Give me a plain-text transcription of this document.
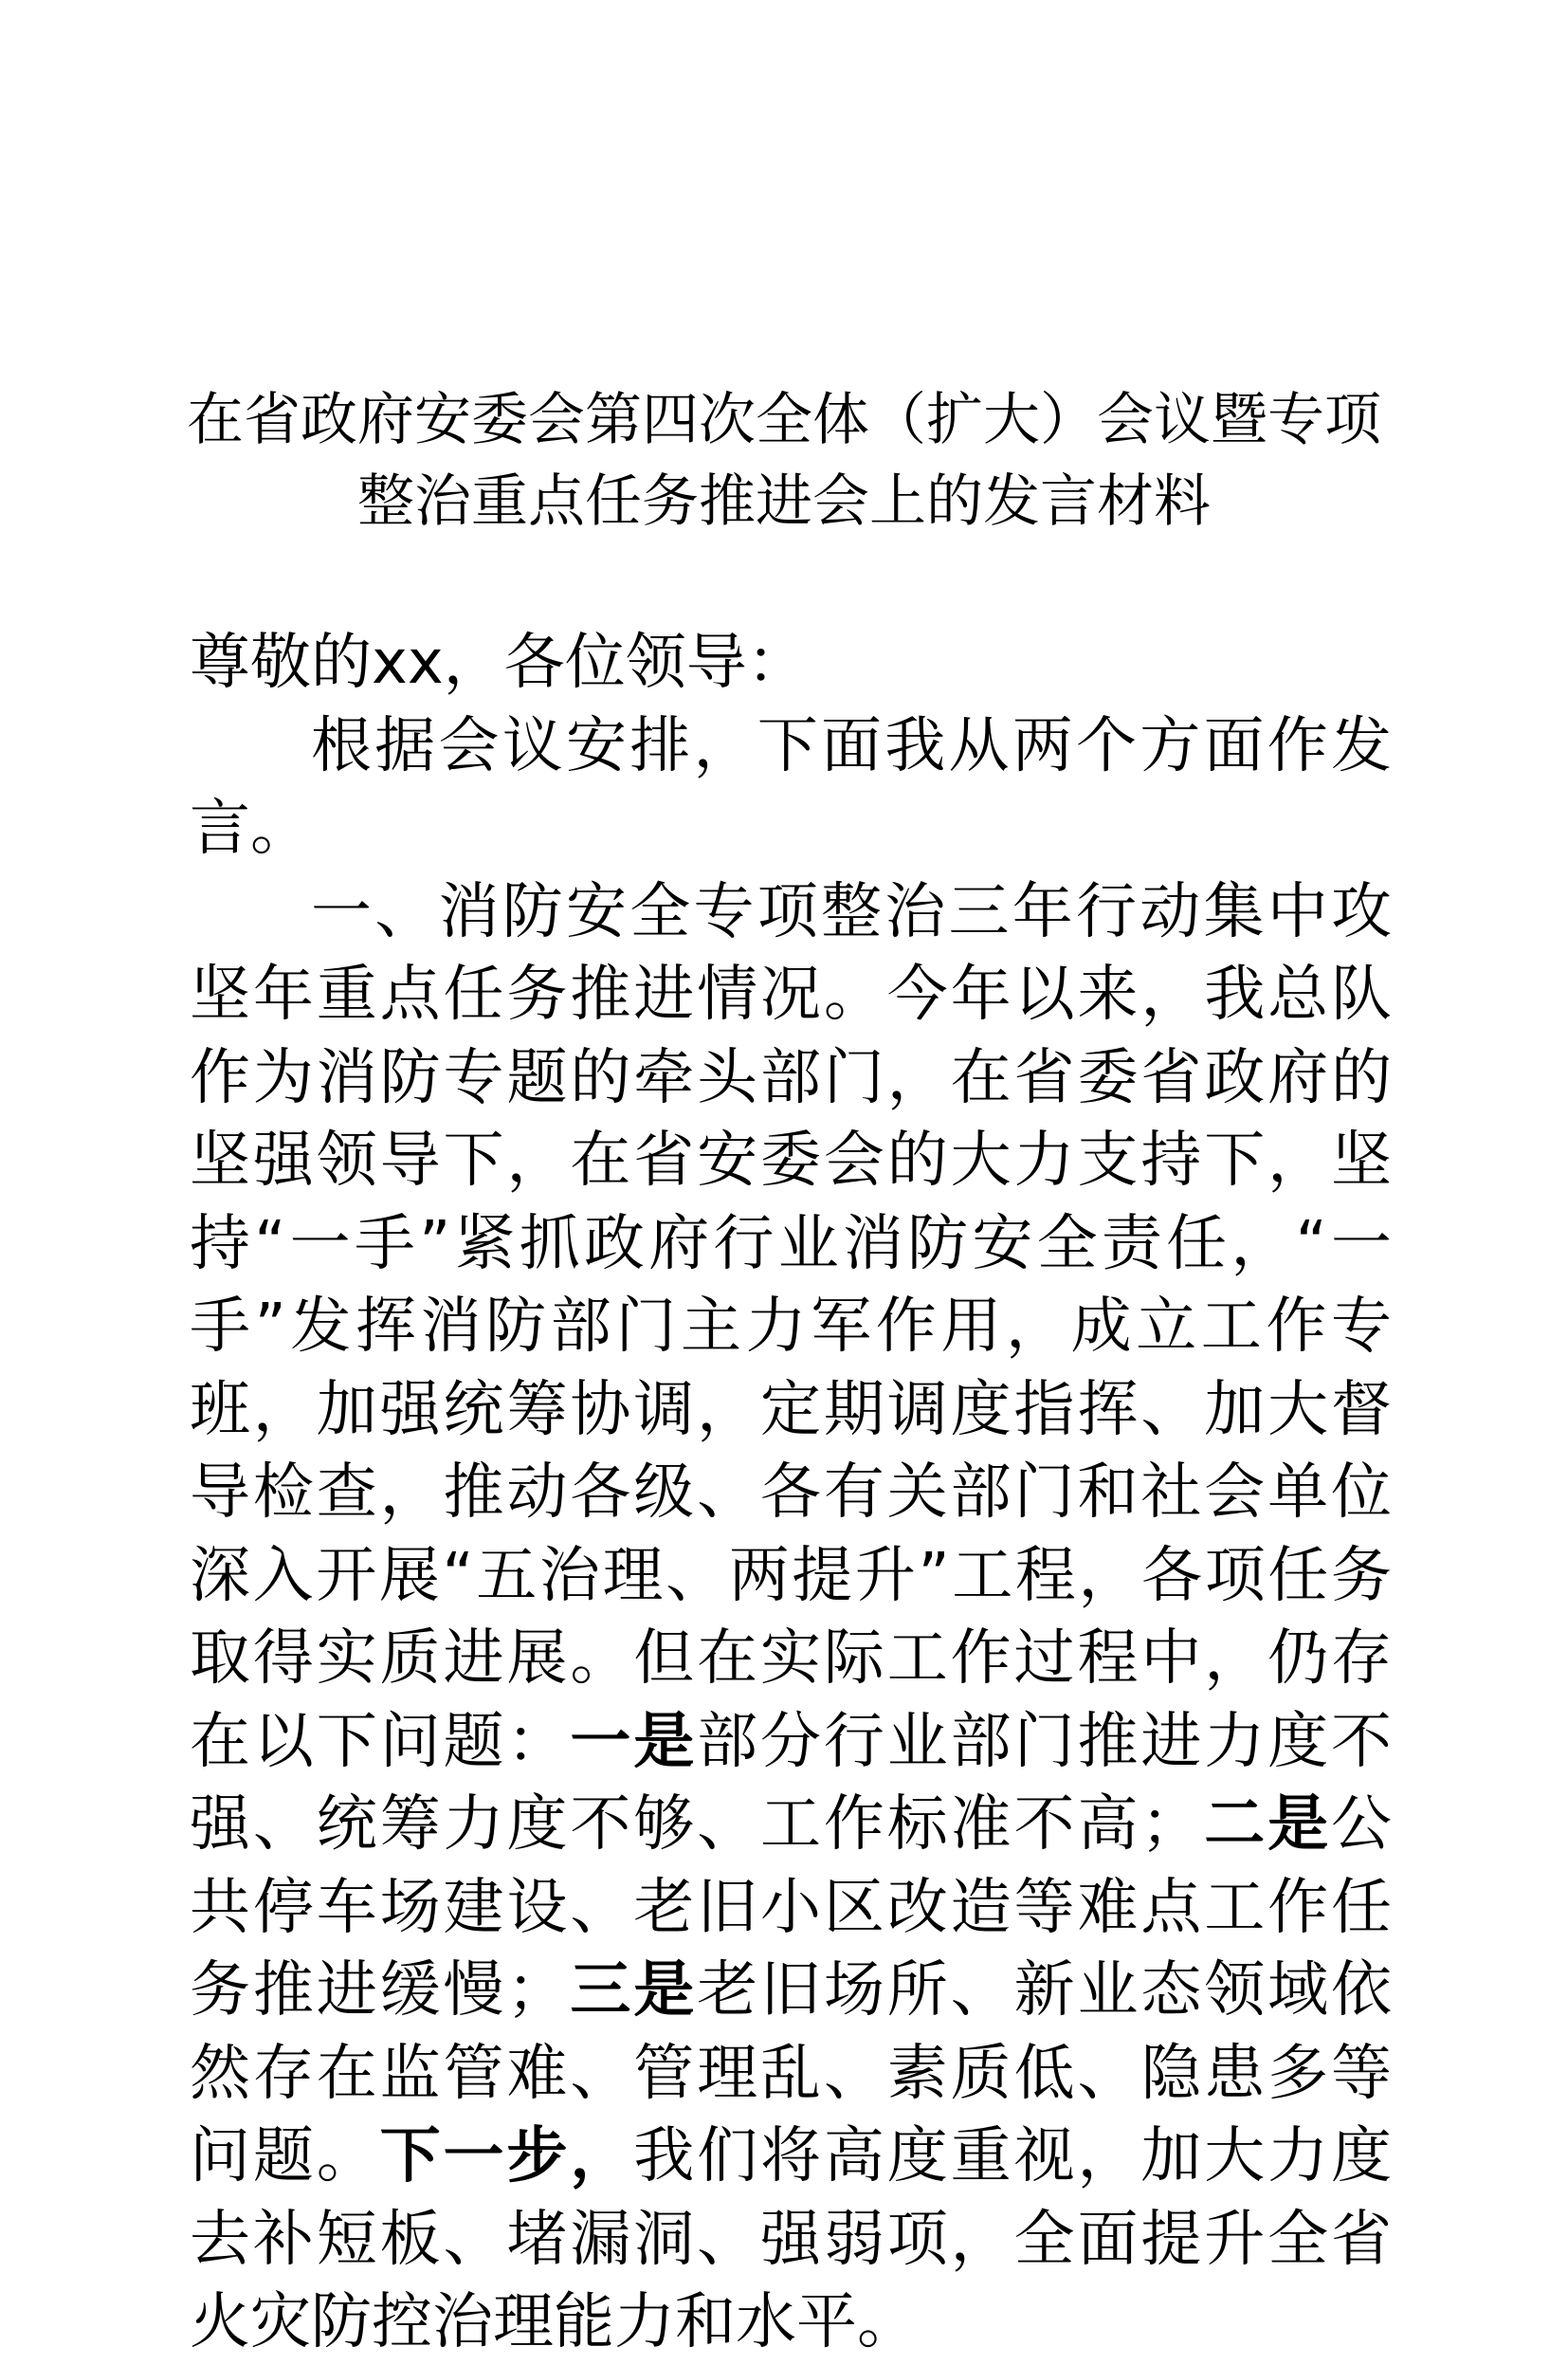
在省政府安委会第四次全体（扩大）会议暨专项
整治重点任务推进会上的发言材料
尊敬的xx，各位领导：
根据会议安排，下面我从两个方面作发言。
一、消防安全专项整治三年行动集中攻坚年重点任务推进情况。今年以来，我总队作为消防专题的牵头部门，在省委省政府的坚强领导下，在省安委会的大力支持下，坚持“一手”紧抓政府行业消防安全责任，“一手”发挥消防部门主力军作用，成立工作专班，加强统筹协调，定期调度指挥、加大督导检查，推动各级、各有关部门和社会单位深入开展“五治理、两提升”工程，各项任务取得实质进展。但在实际工作过程中，仍存在以下问题：一是部分行业部门推进力度不强、统筹力度不够、工作标准不高；二是公共停车场建设、老旧小区改造等难点工作任务推进缓慢；三是老旧场所、新业态领域依然存在监管难、管理乱、素质低、隐患多等问题。下一步，我们将高度重视，加大力度去补短板、堵漏洞、强弱项，全面提升全省火灾防控治理能力和水平。
